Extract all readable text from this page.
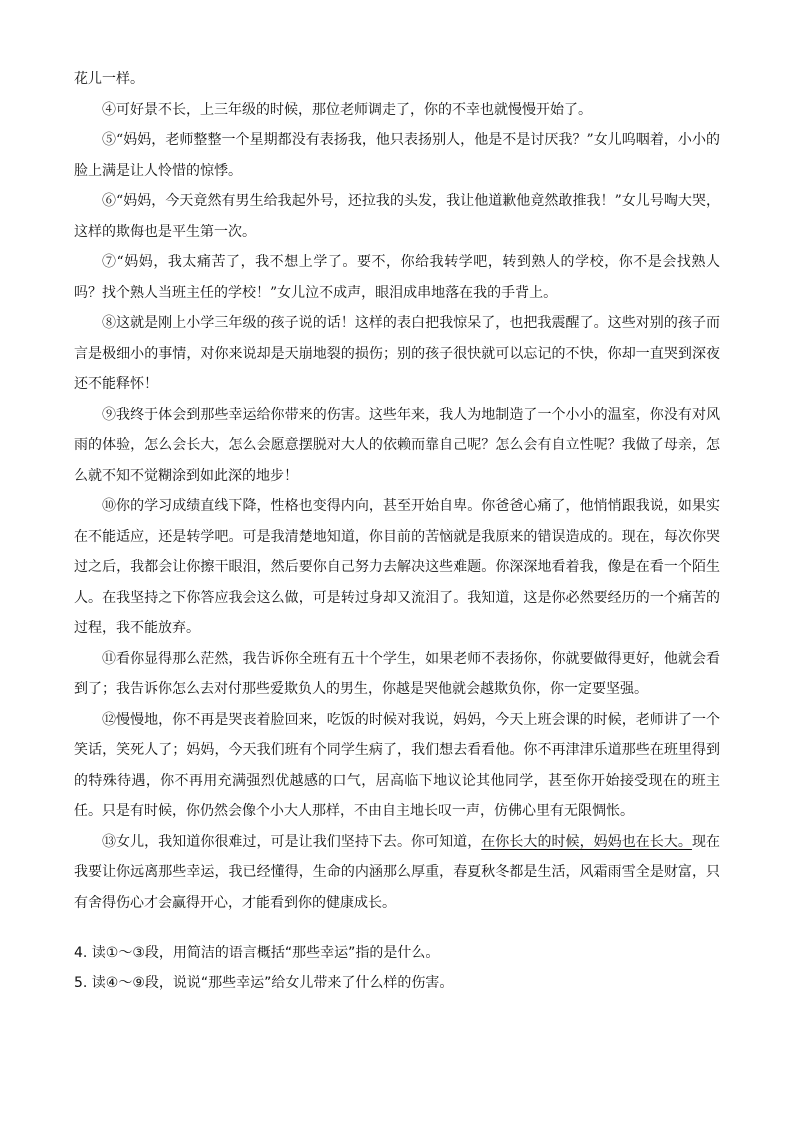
花儿一样。

④可好景不长，上三年级的时候，那位老师调走了，你的不幸也就慢慢开始了。

⑤“妈妈，老师整整一个星期都没有表扬我，他只表扬别人，他是不是讨厌我？”女儿呜咽着，小小的脸上满是让人怜惜的惊悸。

⑥“妈妈，今天竟然有男生给我起外号，还拉我的头发，我让他道歉他竟然敢推我！”女儿号啕大哭，这样的欺侮也是平生第一次。

⑦“妈妈，我太痛苦了，我不想上学了。要不，你给我转学吧，转到熟人的学校，你不是会找熟人吗？找个熟人当班主任的学校！”女儿泣不成声，眼泪成串地落在我的手背上。

⑧这就是刚上小学三年级的孩子说的话！这样的表白把我惊呆了，也把我震醒了。这些对别的孩子而言是极细小的事情，对你来说却是天崩地裂的损伤；别的孩子很快就可以忘记的不快，你却一直哭到深夜还不能释怀！

⑨我终于体会到那些幸运给你带来的伤害。这些年来，我人为地制造了一个小小的温室，你没有对风雨的体验，怎么会长大，怎么会愿意摆脱对大人的依赖而靠自己呢？怎么会有自立性呢？我做了母亲，怎么就不知不觉糊涂到如此深的地步！

⑩你的学习成绩直线下降，性格也变得内向，甚至开始自卑。你爸爸心痛了，他悄悄跟我说，如果实在不能适应，还是转学吧。可是我清楚地知道，你目前的苦恼就是我原来的错误造成的。现在，每次你哭过之后，我都会让你擦干眼泪，然后要你自己努力去解决这些难题。你深深地看着我，像是在看一个陌生人。在我坚持之下你答应我会这么做，可是转过身却又流泪了。我知道，这是你必然要经历的一个痛苦的过程，我不能放弃。

⑪看你显得那么茫然，我告诉你全班有五十个学生，如果老师不表扬你，你就要做得更好，他就会看到了；我告诉你怎么去对付那些爱欺负人的男生，你越是哭他就会越欺负你，你一定要坚强。

⑫慢慢地，你不再是哭丧着脸回来，吃饭的时候对我说，妈妈，今天上班会课的时候，老师讲了一个笑话，笑死人了；妈妈，今天我们班有个同学生病了，我们想去看看他。你不再津津乐道那些在班里得到的特殊待遇，你不再用充满强烈优越感的口气，居高临下地议论其他同学，甚至你开始接受现在的班主任。只是有时候，你仍然会像个小大人那样，不由自主地长叹一声，仿佛心里有无限惆怅。

⑬女儿，我知道你很难过，可是让我们坚持下去。你可知道，在你长大的时候，妈妈也在长大。现在我要让你远离那些幸运，我已经懂得，生命的内涵那么厚重，春夏秋冬都是生活，风霜雨雪全是财富，只有舍得伤心才会赢得开心，才能看到你的健康成长。

4. 读①～③段，用简洁的语言概括“那些幸运”指的是什么。

5. 读④～⑨段，说说“那些幸运”给女儿带来了什么样的伤害。
